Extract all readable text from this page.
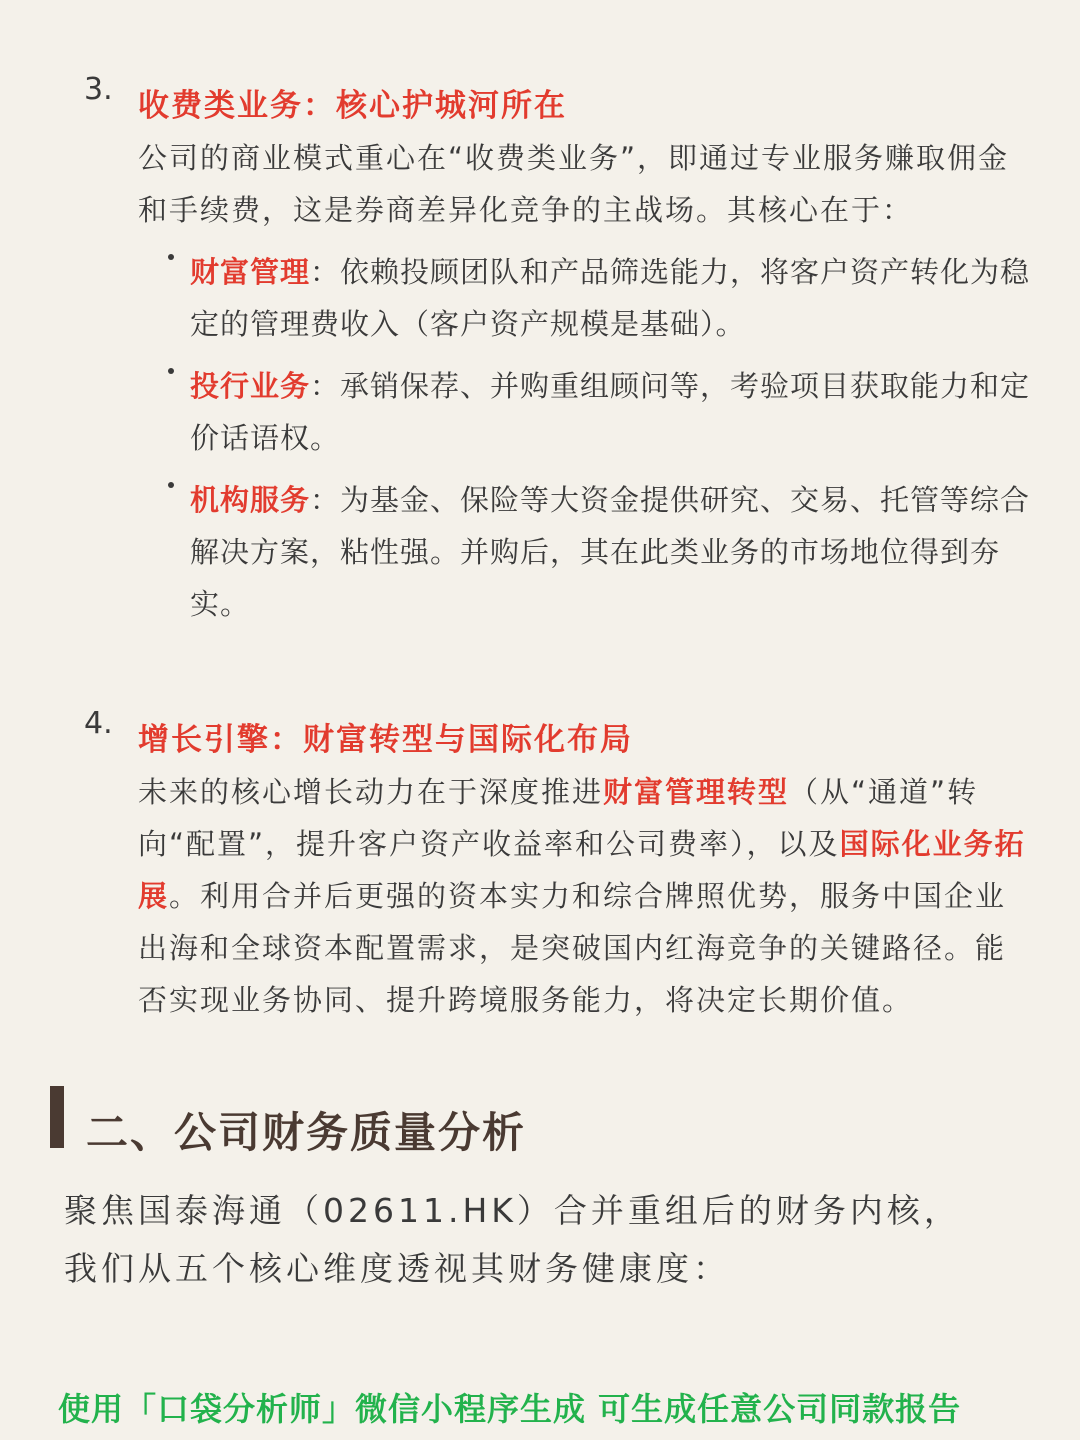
3. 收费类业务：核心护城河所在
公司的商业模式重心在“收费类业务”，即通过专业服务赚取佣金和手续费，这是券商差异化竞争的主战场。其核心在于：
财富管理：依赖投顾团队和产品筛选能力，将客户资产转化为稳定的管理费收入（客户资产规模是基础）。
投行业务：承销保荐、并购重组顾问等，考验项目获取能力和定价话语权。
机构服务：为基金、保险等大资金提供研究、交易、托管等综合解决方案，粘性强。并购后，其在此类业务的市场地位得到夯实。
4. 增长引擎：财富转型与国际化布局
未来的核心增长动力在于深度推进财富管理转型（从“通道”转向“配置”，提升客户资产收益率和公司费率），以及国际化业务拓展。利用合并后更强的资本实力和综合牌照优势，服务中国企业出海和全球资本配置需求，是突破国内红海竞争的关键路径。能否实现业务协同、提升跨境服务能力，将决定长期价值。
二、公司财务质量分析
聚焦国泰海通（02611.HK）合并重组后的财务内核，我们从五个核心维度透视其财务健康度：
使用「口袋分析师」微信小程序生成 可生成任意公司同款报告
